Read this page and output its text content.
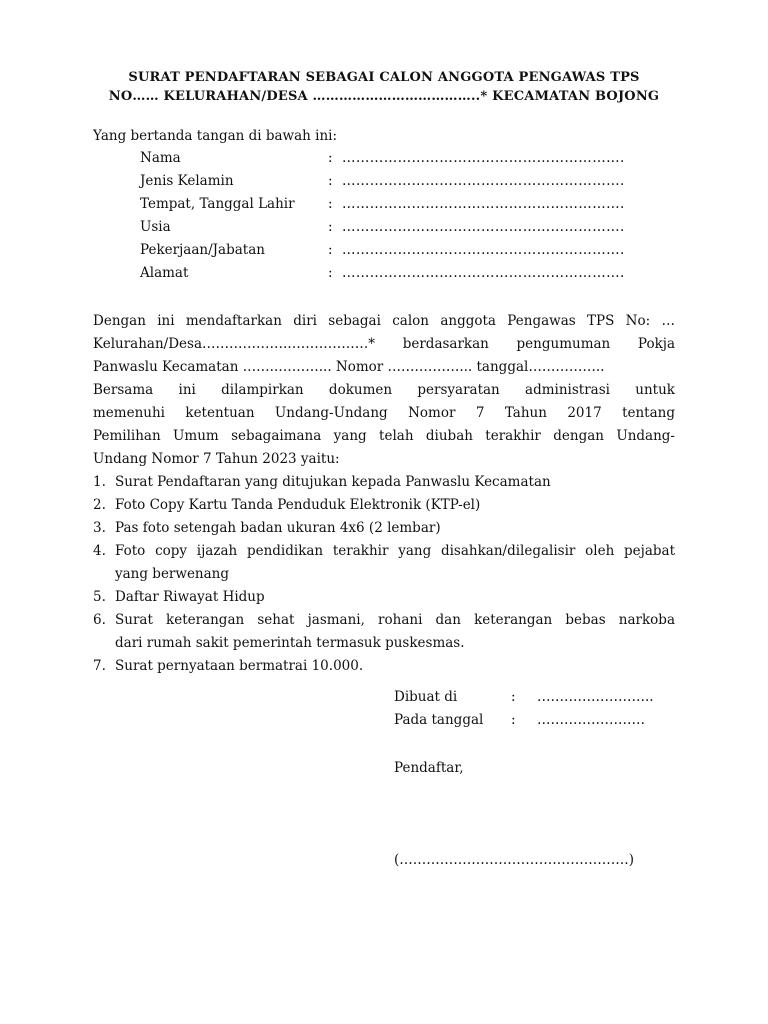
SURAT PENDAFTARAN SEBAGAI CALON ANGGOTA PENGAWAS TPS
NO…… KELURAHAN/DESA ………………………………..* KECAMATAN BOJONG
Yang bertanda tangan di bawah ini:
Nama	: …………………………………………………….
Jenis Kelamin	: …………………………………………………….
Tempat, Tanggal Lahir : …………………………………………………….
Usia	: …………………………………………………….
Pekerjaan/Jabatan	: …………………………………………………….
Alamat	: …………………………………………………….
Dengan ini mendaftarkan diri sebagai calon anggota Pengawas TPS No: …
Kelurahan/Desa……………….………………* berdasarkan pengumuman Pokja
Panwaslu Kecamatan ……..………... Nomor …….………... tanggal……………..
Bersama ini dilampirkan dokumen persyaratan administrasi untuk
memenuhi ketentuan Undang-Undang Nomor 7 Tahun 2017 tentang
Pemilihan Umum sebagaimana yang telah diubah terakhir dengan Undang-
Undang Nomor 7 Tahun 2023 yaitu:
1. Surat Pendaftaran yang ditujukan kepada Panwaslu Kecamatan
2. Foto Copy Kartu Tanda Penduduk Elektronik (KTP-el)
3. Pas foto setengah badan ukuran 4x6 (2 lembar)
4. Foto copy ijazah pendidikan terakhir yang disahkan/dilegalisir oleh pejabat
yang berwenang
5. Daftar Riwayat Hidup
6. Surat keterangan sehat jasmani, rohani dan keterangan bebas narkoba
dari rumah sakit pemerintah termasuk puskesmas.
7. Surat pernyataan bermatrai 10.000.
Dibuat di	: ……………………..
Pada tanggal : ……………………
Pendaftar,
(……………………………………………)
